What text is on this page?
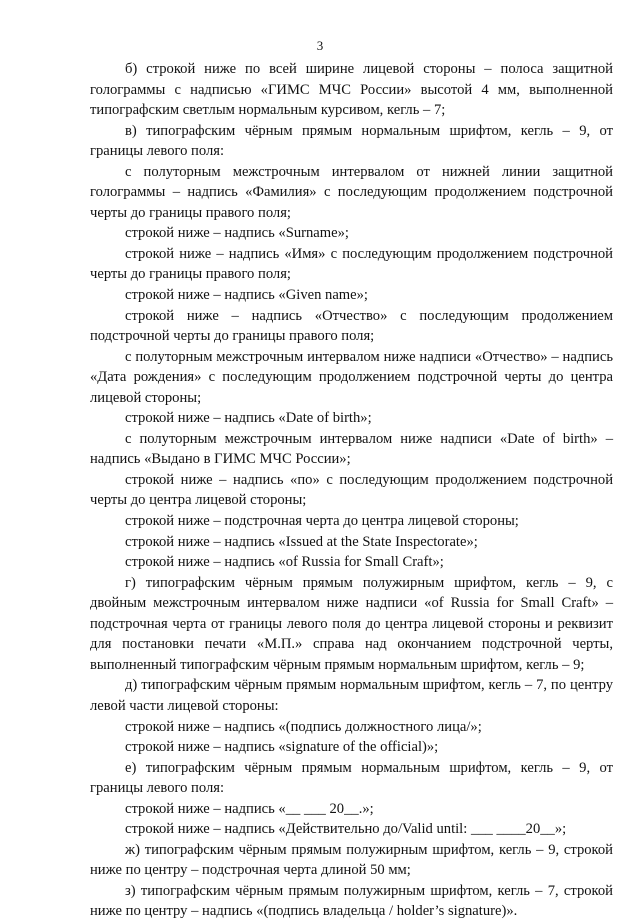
3

б) строкой ниже по всей ширине лицевой стороны – полоса защитной голограммы с надписью «ГИМС МЧС России» высотой 4 мм, выполненной типографским светлым нормальным курсивом, кегль – 7;

в) типографским чёрным прямым нормальным шрифтом, кегль – 9, от границы левого поля:

с полуторным межстрочным интервалом от нижней линии защитной голограммы – надпись «Фамилия» с последующим продолжением подстрочной черты до границы правого поля;

строкой ниже – надпись «Surname»;

строкой ниже – надпись «Имя» с последующим продолжением подстрочной черты до границы правого поля;

строкой ниже – надпись «Given name»;

строкой ниже – надпись «Отчество» с последующим продолжением подстрочной черты до границы правого поля;

с полуторным межстрочным интервалом ниже надписи «Отчество» – надпись «Дата рождения» с последующим продолжением подстрочной черты до центра лицевой стороны;

строкой ниже – надпись «Date of birth»;

с полуторным межстрочным интервалом ниже надписи «Date of birth» – надпись «Выдано в ГИМС МЧС России»;

строкой ниже – надпись «по» с последующим продолжением подстрочной черты до центра лицевой стороны;

строкой ниже – подстрочная черта до центра лицевой стороны;

строкой ниже – надпись «Issued at the State Inspectorate»;

строкой ниже – надпись «of Russia for Small Craft»;

г) типографским чёрным прямым полужирным шрифтом, кегль – 9, с двойным межстрочным интервалом ниже надписи «of Russia for Small Craft» – подстрочная черта от границы левого поля до центра лицевой стороны и реквизит для постановки печати «М.П.» справа над окончанием подстрочной черты, выполненный типографским чёрным прямым нормальным шрифтом, кегль – 9;

д) типографским чёрным прямым нормальным шрифтом, кегль – 7, по центру левой части лицевой стороны:

строкой ниже – надпись «(подпись должностного лица/»;

строкой ниже – надпись «signature of the official)»;

е) типографским чёрным прямым нормальным шрифтом, кегль – 9, от границы левого поля:

строкой ниже – надпись «__ ___ 20__.»;

строкой ниже – надпись «Действительно до/Valid until: ___ ____20__»;

ж) типографским чёрным прямым полужирным шрифтом, кегль – 9, строкой ниже по центру – подстрочная черта длиной 50 мм;

з) типографским чёрным прямым полужирным шрифтом, кегль – 7, строкой ниже по центру – надпись «(подпись владельца / holder’s signature)».
